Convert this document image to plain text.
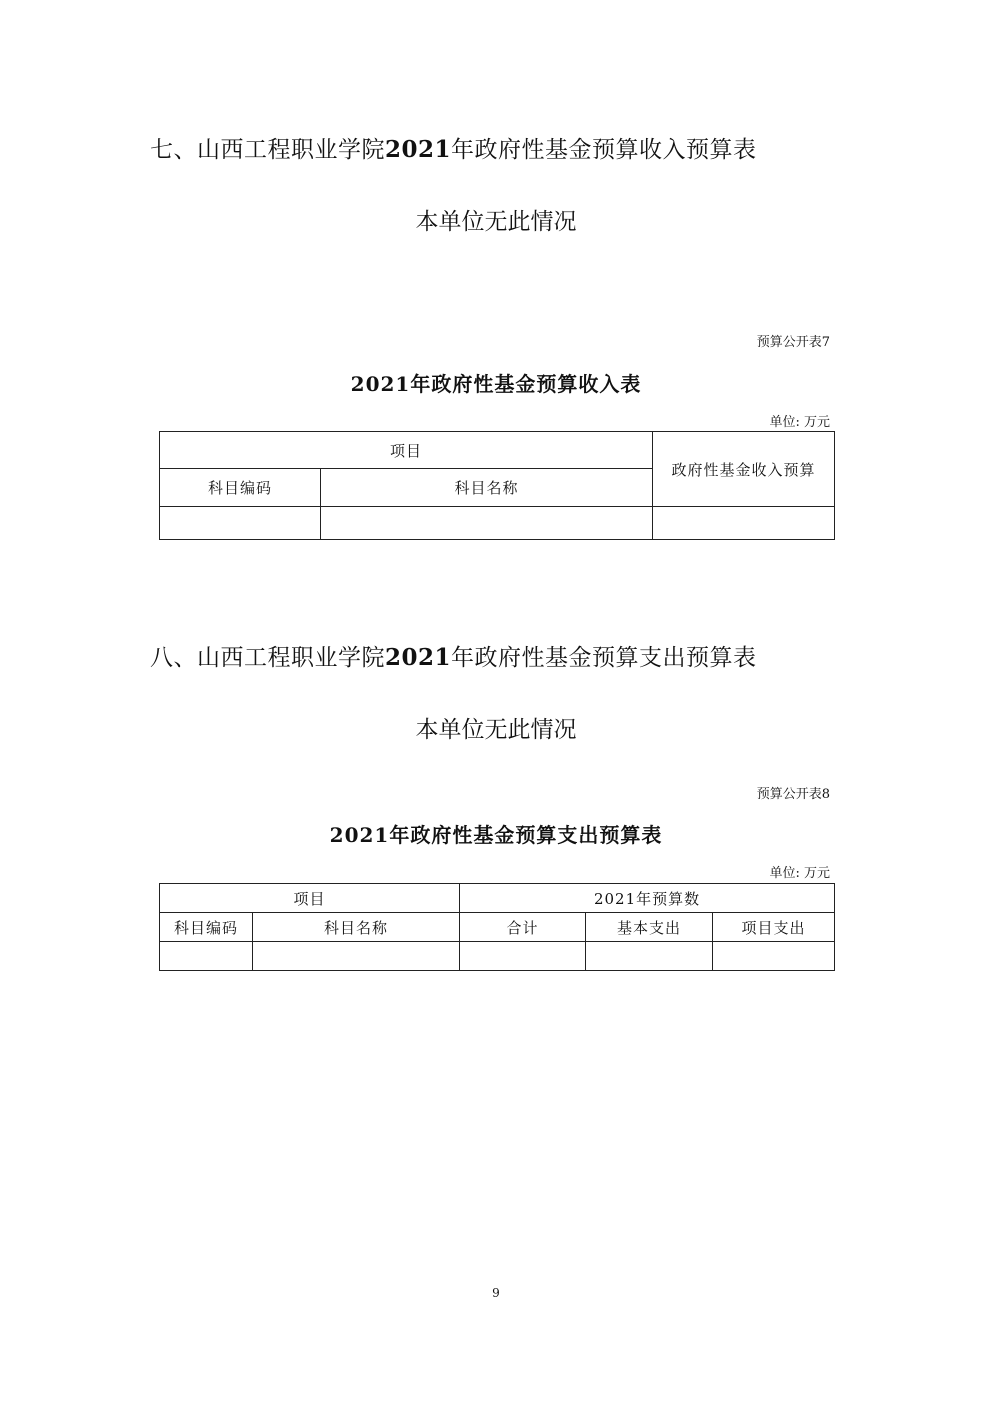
七、山西工程职业学院2021年政府性基金预算收入预算表
本单位无此情况
预算公开表7
2021年政府性基金预算收入表
单位: 万元
项目		政府性基金收入预算
科目编码	科目名称	

八、山西工程职业学院2021年政府性基金预算支出预算表
本单位无此情况
预算公开表8
2021年政府性基金预算支出预算表
单位: 万元
项目		2021年预算数		
科目编码	科目名称	合计	基本支出	项目支出

9
